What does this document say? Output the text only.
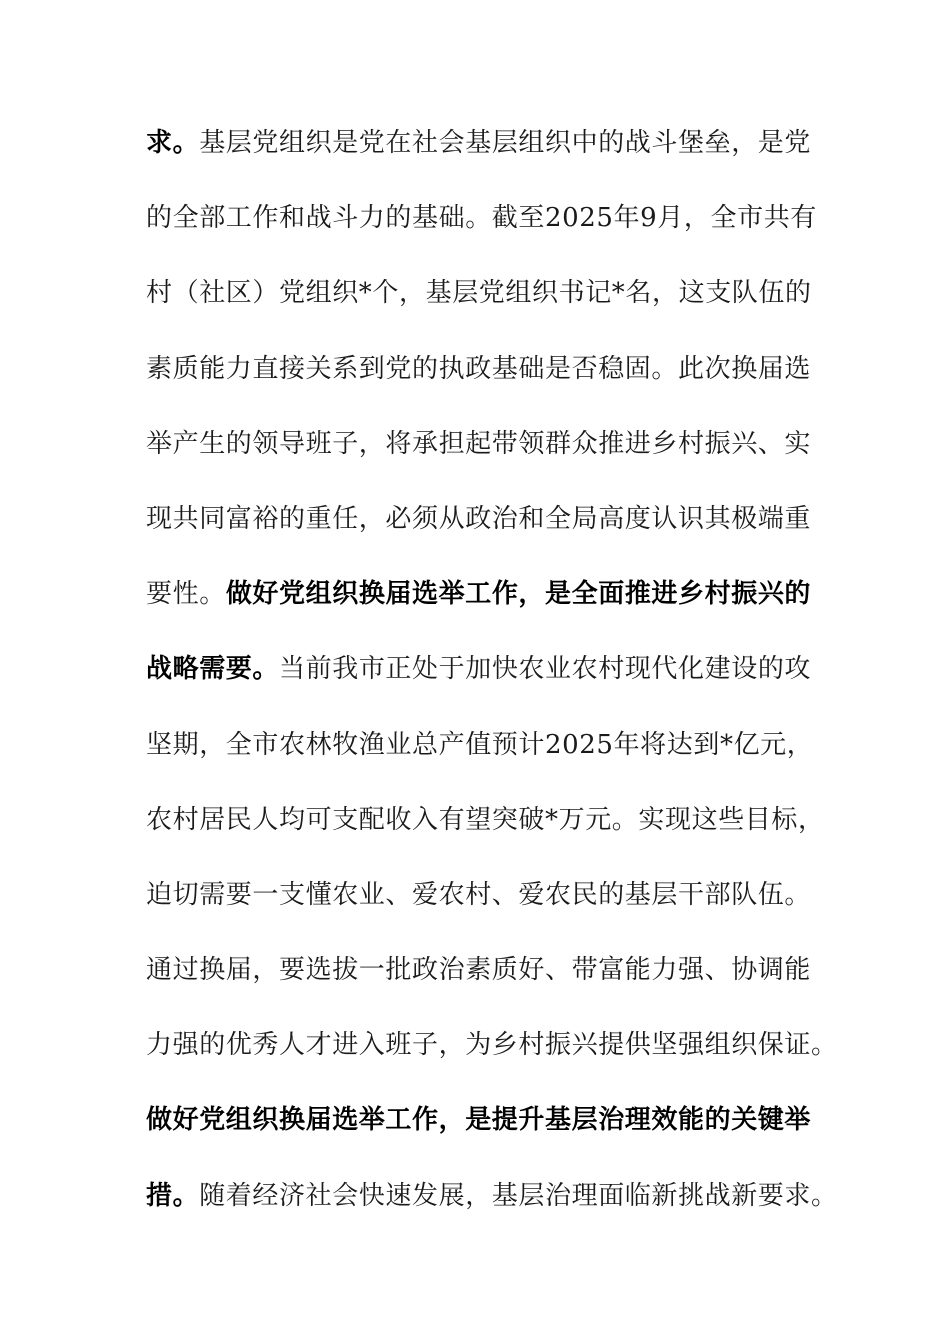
求。基层党组织是党在社会基层组织中的战斗堡垒，是党
的全部工作和战斗力的基础。截至2025年9月，全市共有
村（社区）党组织*个，基层党组织书记*名，这支队伍的
素质能力直接关系到党的执政基础是否稳固。此次换届选
举产生的领导班子，将承担起带领群众推进乡村振兴、实
现共同富裕的重任，必须从政治和全局高度认识其极端重
要性。做好党组织换届选举工作，是全面推进乡村振兴的
战略需要。当前我市正处于加快农业农村现代化建设的攻
坚期，全市农林牧渔业总产值预计2025年将达到*亿元，
农村居民人均可支配收入有望突破*万元。实现这些目标，
迫切需要一支懂农业、爱农村、爱农民的基层干部队伍。
通过换届，要选拔一批政治素质好、带富能力强、协调能
力强的优秀人才进入班子，为乡村振兴提供坚强组织保证。
做好党组织换届选举工作，是提升基层治理效能的关键举
措。随着经济社会快速发展，基层治理面临新挑战新要求。
